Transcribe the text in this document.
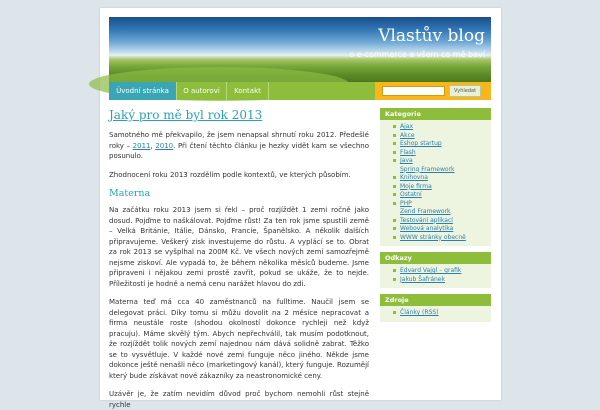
Vlastův blog
o e-commerce a všem co mě baví
Úvodní stránka	O autorovi	Kontakt	Vyhledat
Jaký pro mě byl rok 2013

Samotného mě překvapilo, že jsem nenapsal shrnutí roku 2012. Předešlé roky – 2011, 2010. Při čtení těchto článku je hezky vidět kam se všechno posunulo.

Zhodnocení roku 2013 rozdělím podle kontextů, ve kterých působím.

Materna

Na začátku roku 2013 jsem si řekl – proč rozjíždět 1 zemi ročně jako dosud. Pojďme to naškálovat. Pojďme růst! Za ten rok jsme spustili země – Velká Británie, Itálie, Dánsko, Francie, Španělsko. A několik dalších připravujeme. Veškerý zisk investujeme do růstu. A vyplácí se to. Obrat za rok 2013 se vyšplhal na 200M Kč. Ve všech nových zemí samozřejmě nejsme ziskoví. Ale vypadá to, že během několika měsíců budeme. Jsme připraveni i nějakou zemi prostě zavřít, pokud se ukáže, že to nejde. Příležitostí je hodně a nemá cenu narážet hlavou do zdi.

Materna teď má cca 40 zaměstnanců na fulltime. Naučil jsem se delegovat práci. Díky tomu si můžu dovolit na 2 měsíce nepracovat a firma neustále roste (shodou okolností dokonce rychleji než když pracuju). Máme skvělý tým. Abych nepřechválil, tak musím podotknout, že rozjíždět tolik nových zemí najednou nám dává solidně zabrat. Těžko se to vysvětluje. V každé nové zemi funguje něco jiného. Někde jsme dokonce ještě nenašli něco (marketingový kanál), který funguje. Rozumějí který bude získávat nové zákazníky za neastronomické ceny.

Uzávěr je, že zatím nevidím důvod proč bychom nemohli růst stejně rychle

Kategorie
Ajax
Akce
Eshop startup
Flash
Java
Spring Framework
Knihovna
Moje firma
Ostatní
PHP
Zend Framework
Testování aplikací
Webová analytika
WWW stránky obecně
Odkazy
Edvard Vajgl – grafik
Jakub Šafránek
Zdroje
Články (RSS)
